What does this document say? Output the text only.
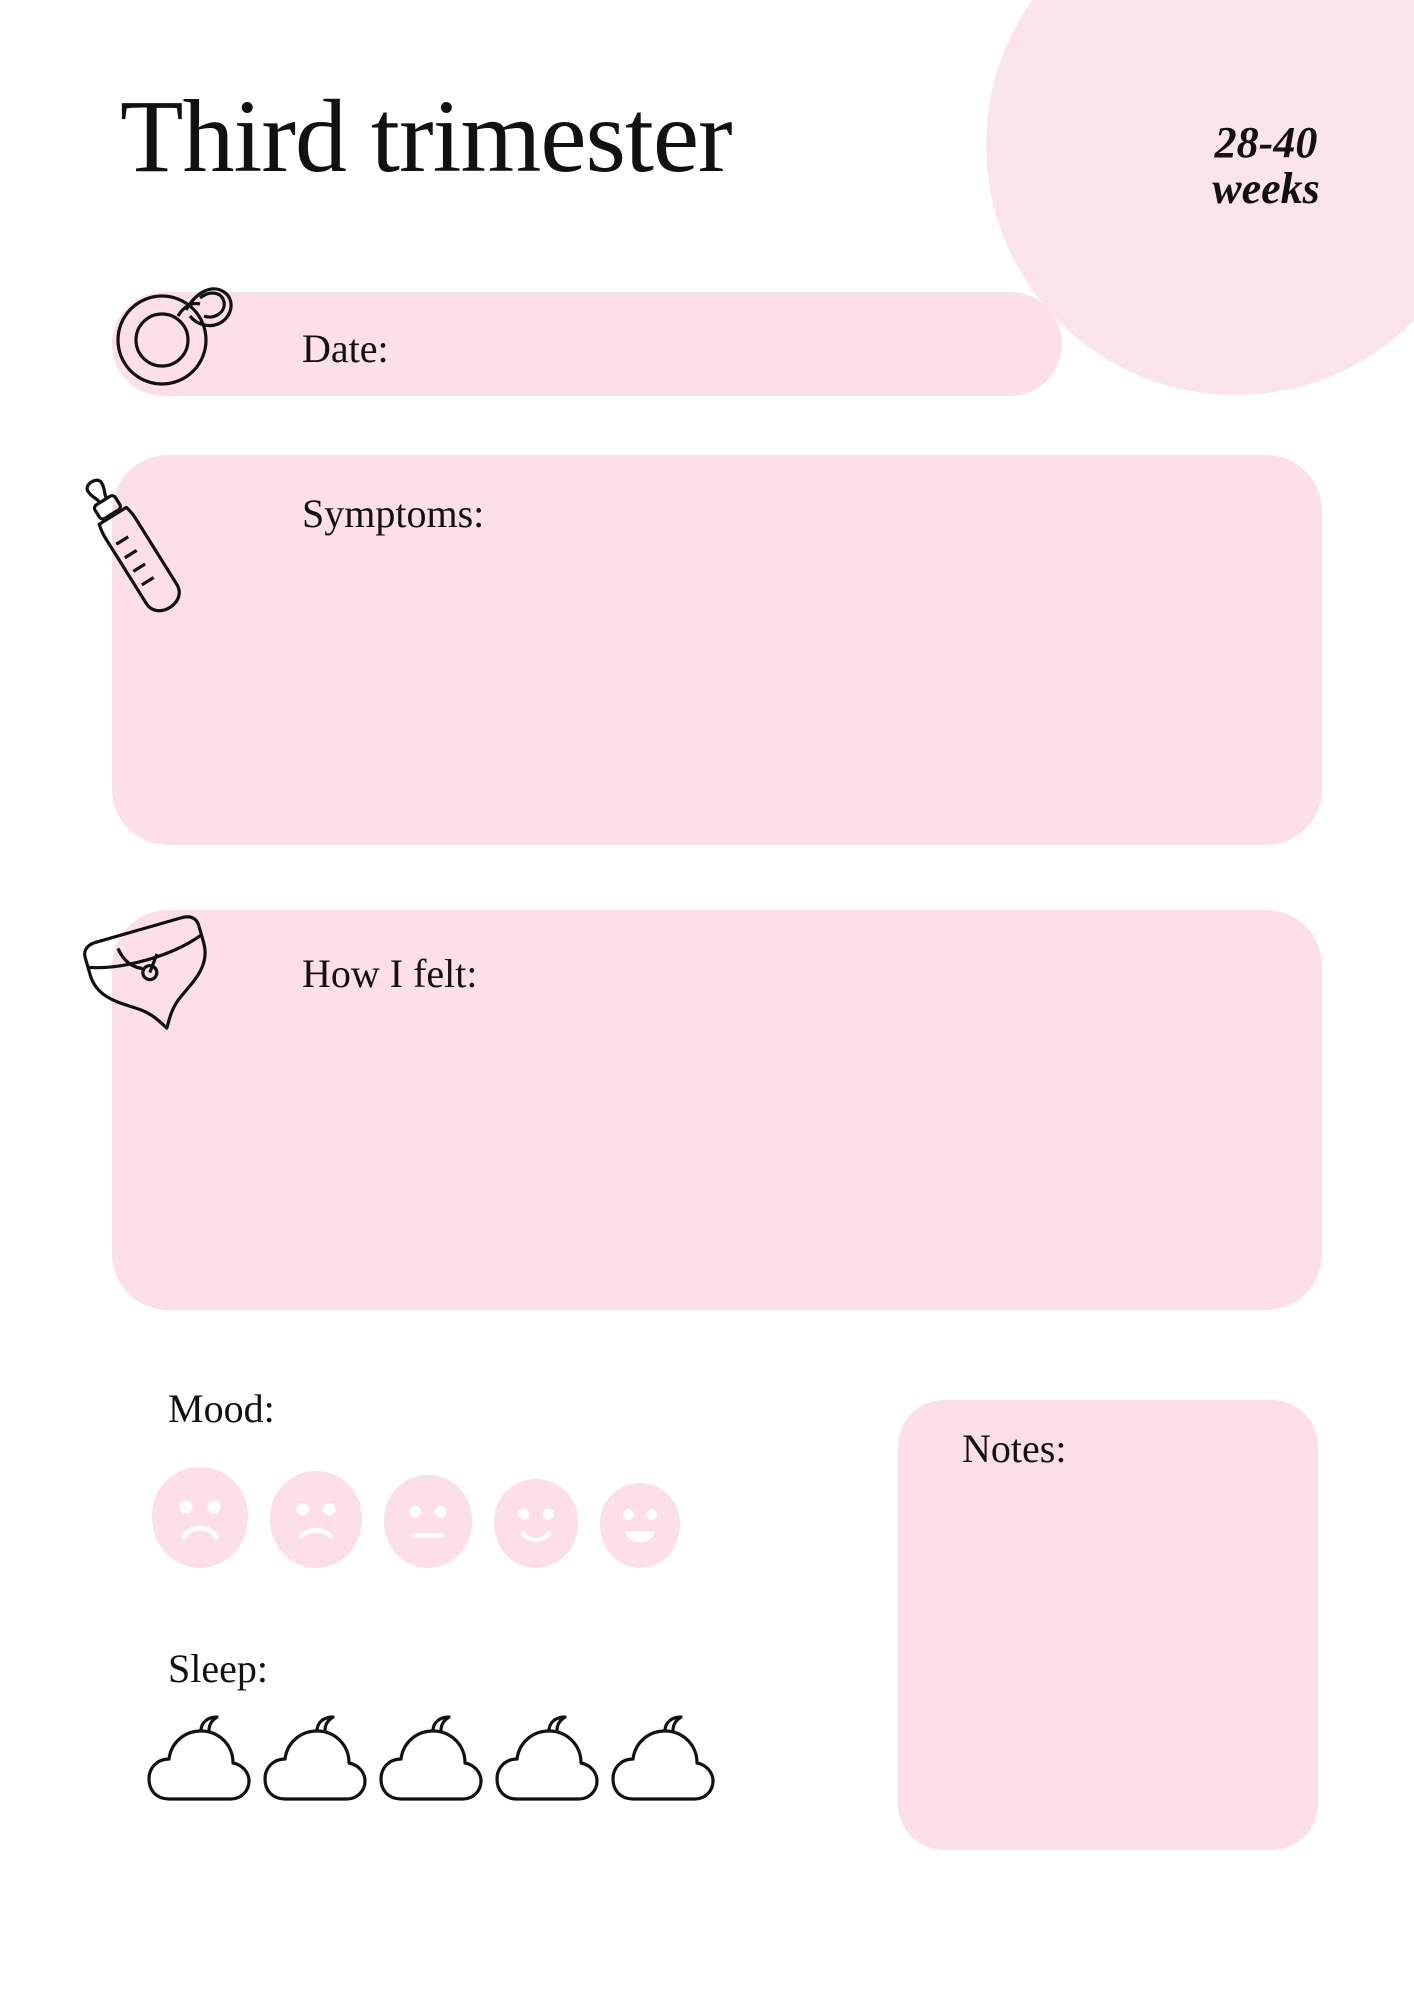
Third trimester	28-40
weeks
Date:
Symptoms:
How I felt:
Notes:
Mood:
Sleep:
